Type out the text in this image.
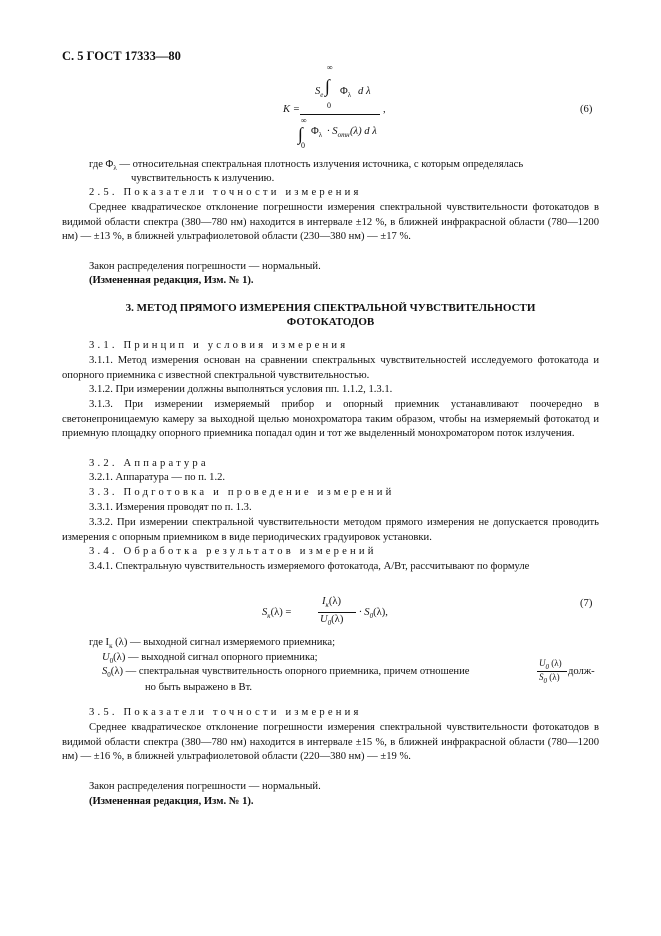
С. 5 ГОСТ 17333—80
K =
∞
$S_e$ ∫
0
$\Phi_\lambda$ d λ
,
∞
∫
0
$\Phi_\lambda \cdot S_{отн}$ (λ) d λ
(6)
где $\Phi_\lambda$ — относительная спектральная плотность излучения источника, с которым определялась
чувствительность к излучению.
2.5. Показатели точности измерения
Среднее квадратическое отклонение погрешности измерения спектральной чувствительности фотокатодов в видимой области спектра (380—780 нм) находится в интервале ±12 %, в ближней инфракрасной области (780—1200 нм) — ±13 %, в ближней ультрафиолетовой области (230—380 нм) — ±17 %.
Закон распределения погрешности — нормальный.
(Измененная редакция, Изм. № 1).
3. МЕТОД ПРЯМОГО ИЗМЕРЕНИЯ СПЕКТРАЛЬНОЙ ЧУВСТВИТЕЛЬНОСТИ
ФОТОКАТОДОВ
3.1. Принцип и условия измерения
3.1.1. Метод измерения основан на сравнении спектральных чувствительностей исследуемого фотокатода и опорного приемника с известной спектральной чувствительностью.
3.1.2. При измерении должны выполняться условия пп. 1.1.2, 1.3.1.
3.1.3. При измерении измеряемый прибор и опорный приемник устанавливают поочередно в светонепроницаемую камеру за выходной щелью монохроматора таким образом, чтобы на измеряемый фотокатод и приемную площадку опорного приемника попадал один и тот же выделенный монохроматором поток излучения.
3.2. Аппаратура
3.2.1. Аппаратура — по п. 1.2.
3.3. Подготовка и проведение измерений
3.3.1. Измерения проводят по п. 1.3.
3.3.2. При измерении спектральной чувствительности методом прямого измерения не допускается проводить измерения с опорным приемником в виде периодических градуировок установки.
3.4. Обработка результатов измерений
3.4.1. Спектральную чувствительность измеряемого фотокатода, А/Вт, рассчитывают по формуле
$S_к(\lambda)$ =
$I_к(\lambda)$
$U_0(\lambda)$
· $S_0(\lambda)$,
(7)
где $I_к$ (λ) — выходной сигнал измеряемого приемника;
$U_0(\lambda)$ — выходной сигнал опорного приемника;
$S_0(\lambda)$ — спектральная чувствительность опорного приемника, причем отношение
$U_0$ (λ)
$S_0$ (λ) долж-
но быть выражено в Вт.
3.5. Показатели точности измерения
Среднее квадратическое отклонение погрешности измерения спектральной чувствительности фотокатодов в видимой области спектра (380—780 нм) находится в интервале ±15 %, в ближней инфракрасной области (780—1200 нм) — ±16 %, в ближней ультрафиолетовой области (220—380 нм) — ±19 %.
Закон распределения погрешности — нормальный.
(Измененная редакция, Изм. № 1).
